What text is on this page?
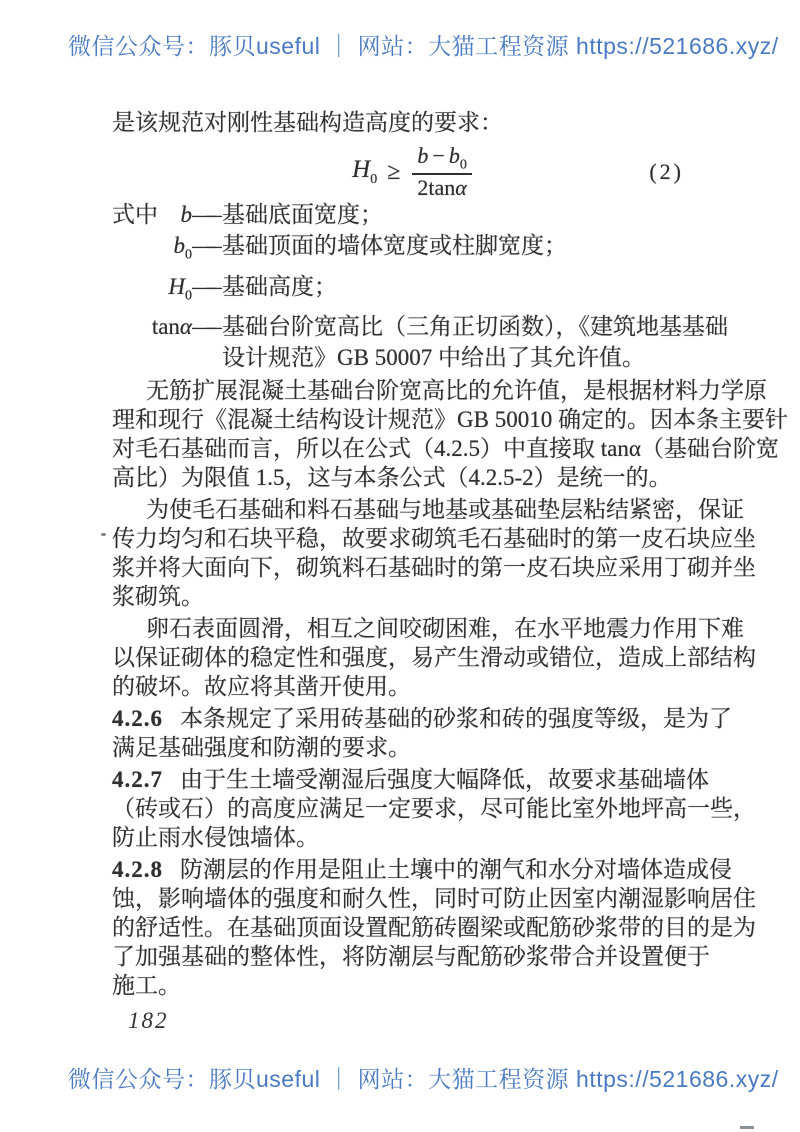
微信公众号：豚贝useful ｜ 网站：大猫工程资源 https://521686.xyz/
是该规范对刚性基础构造高度的要求：
$H_0 \ge \frac{b - b_0}{2\tan\alpha}$	(2)
式中 b —— 基础底面宽度；
$b_0$ —— 基础顶面的墙体宽度或柱脚宽度；
$H_0$ —— 基础高度；
tanα —— 基础台阶宽高比（三角正切函数），《建筑地基基础
设计规范》GB 50007 中给出了其允许值。
无筋扩展混凝土基础台阶宽高比的允许值，是根据材料力学原
理和现行《混凝土结构设计规范》GB 50010 确定的。因本条主要针
对毛石基础而言，所以在公式（4.2.5）中直接取 tanα（基础台阶宽
高比）为限值 1.5，这与本条公式（4.2.5-2）是统一的。
为使毛石基础和料石基础与地基或基础垫层粘结紧密，保证
传力均匀和石块平稳，故要求砌筑毛石基础时的第一皮石块应坐
浆并将大面向下，砌筑料石基础时的第一皮石块应采用丁砌并坐
浆砌筑。
卵石表面圆滑，相互之间咬砌困难，在水平地震力作用下难
以保证砌体的稳定性和强度，易产生滑动或错位，造成上部结构
的破坏。故应将其凿开使用。
4.2.6 本条规定了采用砖基础的砂浆和砖的强度等级，是为了
满足基础强度和防潮的要求。
4.2.7 由于生土墙受潮湿后强度大幅降低，故要求基础墙体
（砖或石）的高度应满足一定要求，尽可能比室外地坪高一些，
防止雨水侵蚀墙体。
4.2.8 防潮层的作用是阻止土壤中的潮气和水分对墙体造成侵
蚀，影响墙体的强度和耐久性，同时可防止因室内潮湿影响居住
的舒适性。在基础顶面设置配筋砖圈梁或配筋砂浆带的目的是为
了加强基础的整体性，将防潮层与配筋砂浆带合并设置便于
施工。
182
微信公众号：豚贝useful ｜ 网站：大猫工程资源 https://521686.xyz/
